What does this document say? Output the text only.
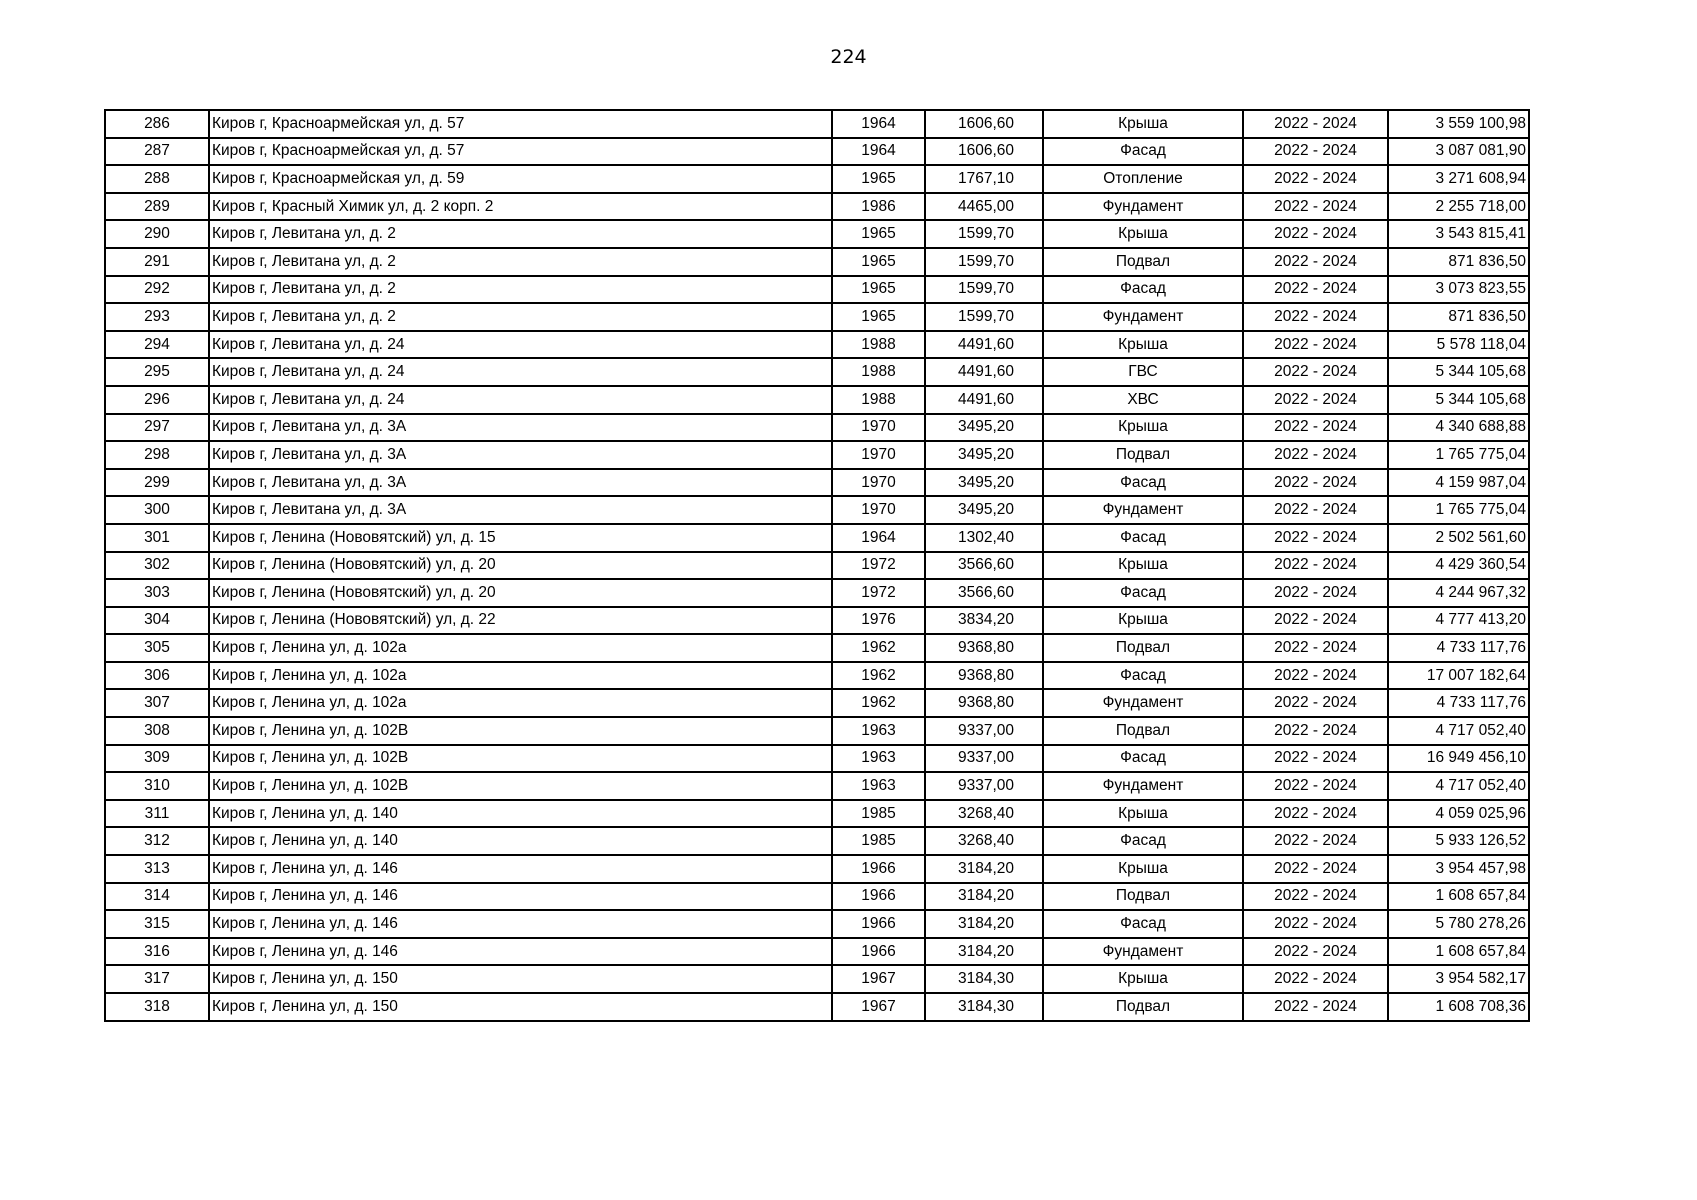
224
286	Киров г, Красноармейская ул, д. 57	1964	1606,60	Крыша	2022 - 2024	3 559 100,98
287	Киров г, Красноармейская ул, д. 57	1964	1606,60	Фасад	2022 - 2024	3 087 081,90
288	Киров г, Красноармейская ул, д. 59	1965	1767,10	Отопление	2022 - 2024	3 271 608,94
289	Киров г, Красный Химик ул, д. 2 корп. 2	1986	4465,00	Фундамент	2022 - 2024	2 255 718,00
290	Киров г, Левитана ул, д. 2	1965	1599,70	Крыша	2022 - 2024	3 543 815,41
291	Киров г, Левитана ул, д. 2	1965	1599,70	Подвал	2022 - 2024	871 836,50
292	Киров г, Левитана ул, д. 2	1965	1599,70	Фасад	2022 - 2024	3 073 823,55
293	Киров г, Левитана ул, д. 2	1965	1599,70	Фундамент	2022 - 2024	871 836,50
294	Киров г, Левитана ул, д. 24	1988	4491,60	Крыша	2022 - 2024	5 578 118,04
295	Киров г, Левитана ул, д. 24	1988	4491,60	ГВС	2022 - 2024	5 344 105,68
296	Киров г, Левитана ул, д. 24	1988	4491,60	ХВС	2022 - 2024	5 344 105,68
297	Киров г, Левитана ул, д. 3А	1970	3495,20	Крыша	2022 - 2024	4 340 688,88
298	Киров г, Левитана ул, д. 3А	1970	3495,20	Подвал	2022 - 2024	1 765 775,04
299	Киров г, Левитана ул, д. 3А	1970	3495,20	Фасад	2022 - 2024	4 159 987,04
300	Киров г, Левитана ул, д. 3А	1970	3495,20	Фундамент	2022 - 2024	1 765 775,04
301	Киров г, Ленина (Нововятский) ул, д. 15	1964	1302,40	Фасад	2022 - 2024	2 502 561,60
302	Киров г, Ленина (Нововятский) ул, д. 20	1972	3566,60	Крыша	2022 - 2024	4 429 360,54
303	Киров г, Ленина (Нововятский) ул, д. 20	1972	3566,60	Фасад	2022 - 2024	4 244 967,32
304	Киров г, Ленина (Нововятский) ул, д. 22	1976	3834,20	Крыша	2022 - 2024	4 777 413,20
305	Киров г, Ленина ул, д. 102а	1962	9368,80	Подвал	2022 - 2024	4 733 117,76
306	Киров г, Ленина ул, д. 102а	1962	9368,80	Фасад	2022 - 2024	17 007 182,64
307	Киров г, Ленина ул, д. 102а	1962	9368,80	Фундамент	2022 - 2024	4 733 117,76
308	Киров г, Ленина ул, д. 102В	1963	9337,00	Подвал	2022 - 2024	4 717 052,40
309	Киров г, Ленина ул, д. 102В	1963	9337,00	Фасад	2022 - 2024	16 949 456,10
310	Киров г, Ленина ул, д. 102В	1963	9337,00	Фундамент	2022 - 2024	4 717 052,40
311	Киров г, Ленина ул, д. 140	1985	3268,40	Крыша	2022 - 2024	4 059 025,96
312	Киров г, Ленина ул, д. 140	1985	3268,40	Фасад	2022 - 2024	5 933 126,52
313	Киров г, Ленина ул, д. 146	1966	3184,20	Крыша	2022 - 2024	3 954 457,98
314	Киров г, Ленина ул, д. 146	1966	3184,20	Подвал	2022 - 2024	1 608 657,84
315	Киров г, Ленина ул, д. 146	1966	3184,20	Фасад	2022 - 2024	5 780 278,26
316	Киров г, Ленина ул, д. 146	1966	3184,20	Фундамент	2022 - 2024	1 608 657,84
317	Киров г, Ленина ул, д. 150	1967	3184,30	Крыша	2022 - 2024	3 954 582,17
318	Киров г, Ленина ул, д. 150	1967	3184,30	Подвал	2022 - 2024	1 608 708,36
